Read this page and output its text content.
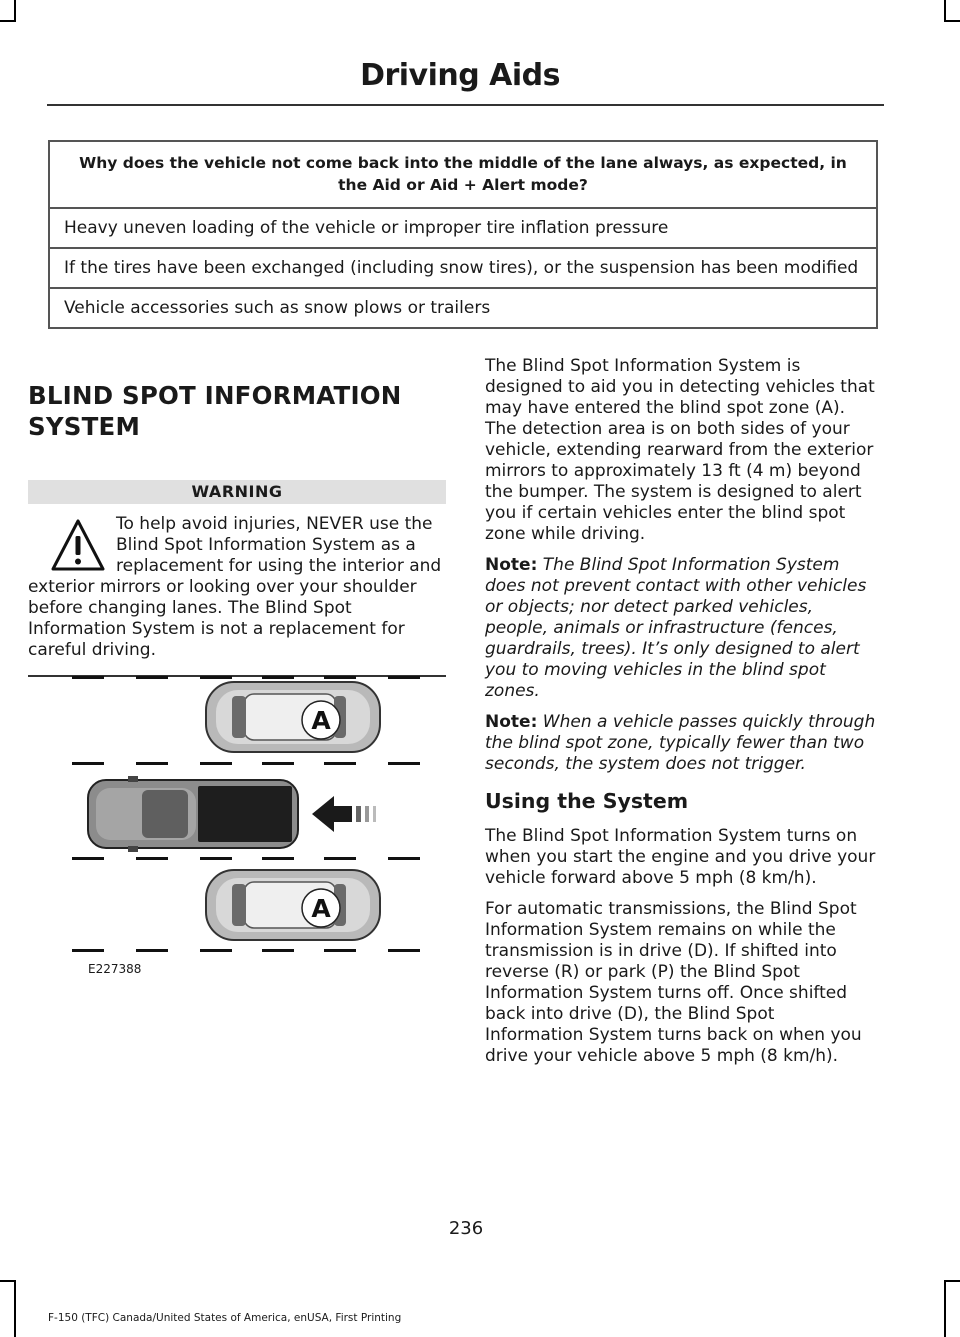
Driving Aids
Why does the vehicle not come back into the middle of the lane always, as expected, in the Aid or Aid + Alert mode?
Heavy uneven loading of the vehicle or improper tire inflation pressure
If the tires have been exchanged (including snow tires), or the suspension has been modified
Vehicle accessories such as snow plows or trailers
BLIND SPOT INFORMATION
SYSTEM
WARNING
To help avoid injuries, NEVER use the Blind Spot Information System as a replacement for using the interior and exterior mirrors or looking over your shoulder before changing lanes. The Blind Spot Information System is not a replacement for careful driving.
A
A
E227388

The Blind Spot Information System is designed to aid you in detecting vehicles that may have entered the blind spot zone (A). The detection area is on both sides of your vehicle, extending rearward from the exterior mirrors to approximately 13 ft (4 m) beyond the bumper. The system is designed to alert you if certain vehicles enter the blind spot zone while driving.

Note: The Blind Spot Information System does not prevent contact with other vehicles or objects; nor detect parked vehicles, people, animals or infrastructure (fences, guardrails, trees). It’s only designed to alert you to moving vehicles in the blind spot zones.

Note: When a vehicle passes quickly through the blind spot zone, typically fewer than two seconds, the system does not trigger.

Using the System

The Blind Spot Information System turns on when you start the engine and you drive your vehicle forward above 5 mph (8 km/h).

For automatic transmissions, the Blind Spot Information System remains on while the transmission is in drive (D). If shifted into reverse (R) or park (P) the Blind Spot Information System turns off. Once shifted back into drive (D), the Blind Spot Information System turns back on when you drive your vehicle above 5 mph (8 km/h).

236
F-150 (TFC) Canada/United States of America, enUSA, First Printing
